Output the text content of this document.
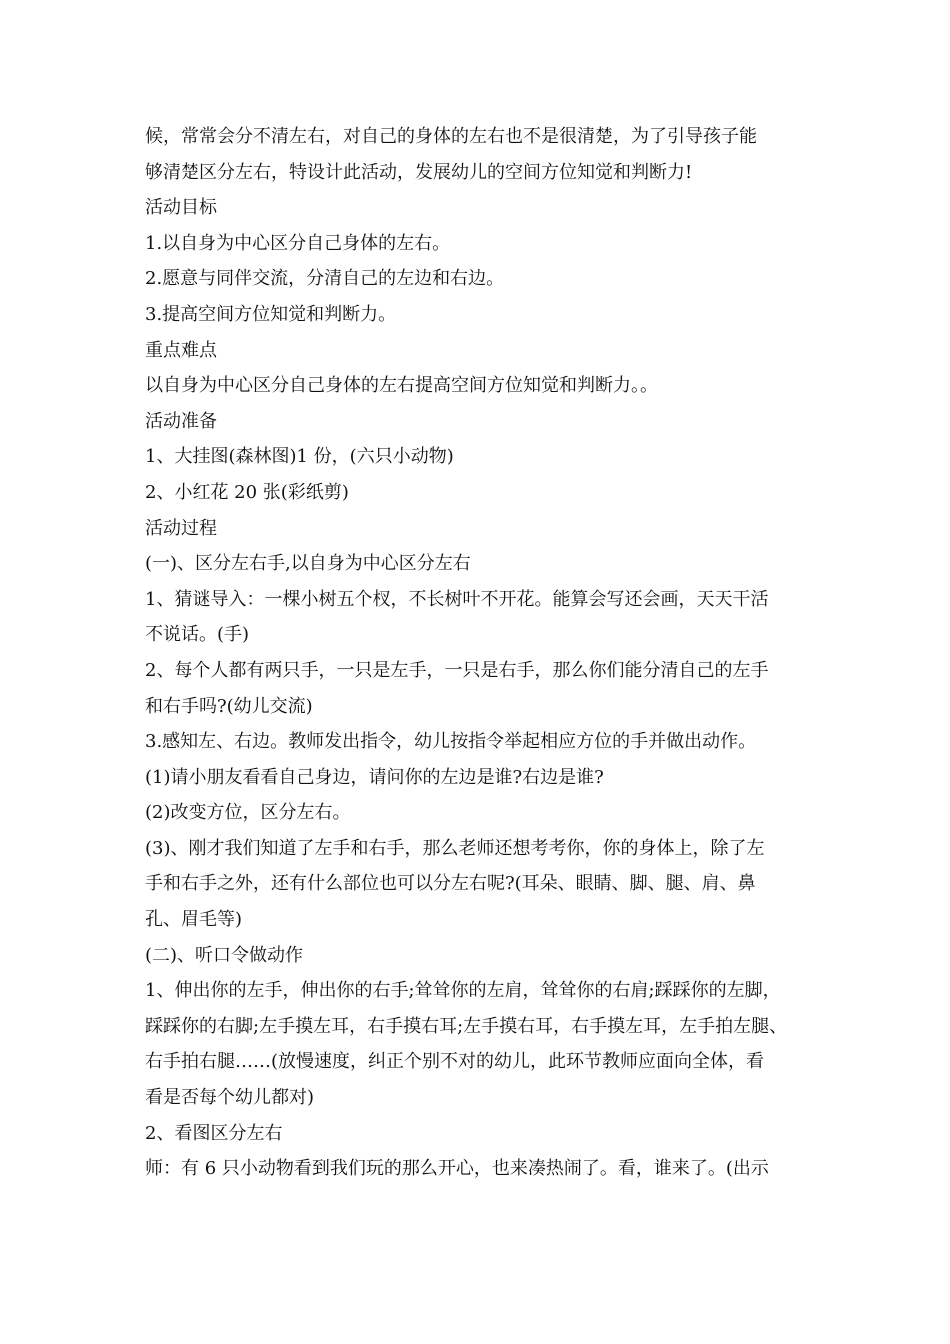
候，常常会分不清左右，对自己的身体的左右也不是很清楚，为了引导孩子能
够清楚区分左右，特设计此活动，发展幼儿的空间方位知觉和判断力!
活动目标
1.以自身为中心区分自己身体的左右。
2.愿意与同伴交流，分清自己的左边和右边。
3.提高空间方位知觉和判断力。
重点难点
以自身为中心区分自己身体的左右提高空间方位知觉和判断力。。
活动准备
1、大挂图(森林图)1 份，(六只小动物)
2、小红花 20 张(彩纸剪)
活动过程
(一)、区分左右手,以自身为中心区分左右
1、猜谜导入：一棵小树五个杈，不长树叶不开花。能算会写还会画，天天干活
不说话。(手)
2、每个人都有两只手，一只是左手，一只是右手，那么你们能分清自己的左手
和右手吗?(幼儿交流)
3.感知左、右边。教师发出指令，幼儿按指令举起相应方位的手并做出动作。
(1)请小朋友看看自己身边，请问你的左边是谁?右边是谁?
(2)改变方位，区分左右。
(3)、刚才我们知道了左手和右手，那么老师还想考考你，你的身体上，除了左
手和右手之外，还有什么部位也可以分左右呢?(耳朵、眼睛、脚、腿、肩、鼻
孔、眉毛等)
(二)、听口令做动作
1、伸出你的左手，伸出你的右手;耸耸你的左肩，耸耸你的右肩;踩踩你的左脚，
踩踩你的右脚;左手摸左耳，右手摸右耳;左手摸右耳，右手摸左耳，左手拍左腿、
右手拍右腿……(放慢速度，纠正个别不对的幼儿，此环节教师应面向全体，看
看是否每个幼儿都对)
2、看图区分左右
师：有 6 只小动物看到我们玩的那么开心，也来凑热闹了。看，谁来了。(出示
